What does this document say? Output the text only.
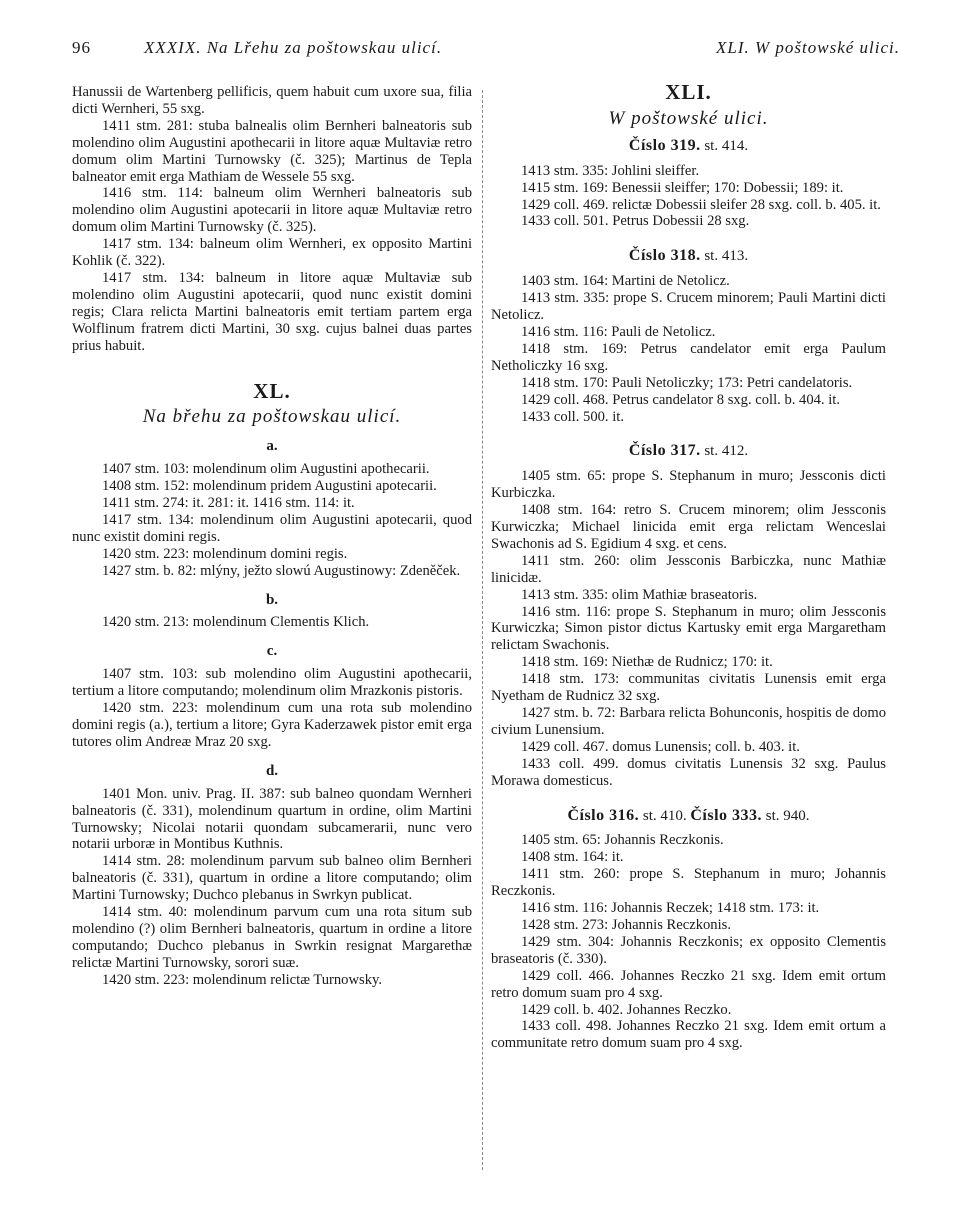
96	XXXIX. Na Lřehu za poštowskau ulicí.	XLI. W poštowské ulici.

Hanussii de Wartenberg pellificis, quem habuit cum uxore sua, filia dicti Wernheri, 55 sxg.

1411 stm. 281: stuba balnealis olim Bernheri balneatoris sub molendino olim Augustini apothecarii in litore aquæ Multaviæ retro domum olim Martini Turnowsky (č. 325); Martinus de Tepla balneator emit erga Mathiam de Wessele 55 sxg.

1416 stm. 114: balneum olim Wernheri balneatoris sub molendino olim Augustini apotecarii in litore aquæ Multaviæ retro domum olim Martini Turnowsky (č. 325).

1417 stm. 134: balneum olim Wernheri, ex opposito Martini Kohlik (č. 322).

1417 stm. 134: balneum in litore aquæ Multaviæ sub molendino olim Augustini apotecarii, quod nunc existit domini regis; Clara relicta Martini balneatoris emit tertiam partem erga Wolflinum fratrem dicti Martini, 30 sxg. cujus balnei duas partes prius habuit.

XL.

Na břehu za poštowskau ulicí.

a.

1407 stm. 103: molendinum olim Augustini apothecarii.

1408 stm. 152: molendinum pridem Augustini apotecarii.

1411 stm. 274: it. 281: it. 1416 stm. 114: it.

1417 stm. 134: molendinum olim Augustini apotecarii, quod nunc existit domini regis.

1420 stm. 223: molendinum domini regis.

1427 stm. b. 82: mlýny, ježto slowú Augustinowy: Zdeněček.

b.

1420 stm. 213: molendinum Clementis Klich.

c.

1407 stm. 103: sub molendino olim Augustini apothecarii, tertium a litore computando; molendinum olim Mrazkonis pistoris.

1420 stm. 223: molendinum cum una rota sub molendino domini regis (a.), tertium a litore; Gyra Kaderzawek pistor emit erga tutores olim Andreæ Mraz 20 sxg.

d.

1401 Mon. univ. Prag. II. 387: sub balneo quondam Wernheri balneatoris (č. 331), molendinum quartum in ordine, olim Martini Turnowsky; Nicolai notarii quondam subcamerarii, nunc vero notarii urboræ in Montibus Kuthnis.

1414 stm. 28: molendinum parvum sub balneo olim Bernheri balneatoris (č. 331), quartum in ordine a litore computando; olim Martini Turnowsky; Duchco plebanus in Swrkyn publicat.

1414 stm. 40: molendinum parvum cum una rota situm sub molendino (?) olim Bernheri balneatoris, quartum in ordine a litore computando; Duchco plebanus in Swrkin resignat Margarethæ relictæ Martini Turnowsky, sorori suæ.

1420 stm. 223: molendinum relictæ Turnowsky.

XLI.

W poštowské ulici.

Číslo 319. st. 414.

1413 stm. 335: Johlini sleiffer.

1415 stm. 169: Benessii sleiffer; 170: Dobessii; 189: it.

1429 coll. 469. relictæ Dobessii sleifer 28 sxg. coll. b. 405. it.

1433 coll. 501. Petrus Dobessii 28 sxg.

Číslo 318. st. 413.

1403 stm. 164: Martini de Netolicz.

1413 stm. 335: prope S. Crucem minorem; Pauli Martini dicti Netolicz.

1416 stm. 116: Pauli de Netolicz.

1418 stm. 169: Petrus candelator emit erga Paulum Netholiczky 16 sxg.

1418 stm. 170: Pauli Netoliczky; 173: Petri candelatoris.

1429 coll. 468. Petrus candelator 8 sxg. coll. b. 404. it.

1433 coll. 500. it.

Číslo 317. st. 412.

1405 stm. 65: prope S. Stephanum in muro; Jessconis dicti Kurbiczka.

1408 stm. 164: retro S. Crucem minorem; olim Jessconis Kurwiczka; Michael linicida emit erga relictam Wenceslai Swachonis ad S. Egidium 4 sxg. et cens.

1411 stm. 260: olim Jessconis Barbiczka, nunc Mathiæ linicidæ.

1413 stm. 335: olim Mathiæ braseatoris.

1416 stm. 116: prope S. Stephanum in muro; olim Jessconis Kurwiczka; Simon pistor dictus Kartusky emit erga Margaretham relictam Swachonis.

1418 stm. 169: Niethæ de Rudnicz; 170: it.

1418 stm. 173: communitas civitatis Lunensis emit erga Nyetham de Rudnicz 32 sxg.

1427 stm. b. 72: Barbara relicta Bohunconis, hospitis de domo civium Lunensium.

1429 coll. 467. domus Lunensis; coll. b. 403. it.

1433 coll. 499. domus civitatis Lunensis 32 sxg. Paulus Morawa domesticus.

Číslo 316. st. 410. Číslo 333. st. 940.

1405 stm. 65: Johannis Reczkonis.

1408 stm. 164: it.

1411 stm. 260: prope S. Stephanum in muro; Johannis Reczkonis.

1416 stm. 116: Johannis Reczek; 1418 stm. 173: it.

1428 stm. 273: Johannis Reczkonis.

1429 stm. 304: Johannis Reczkonis; ex opposito Clementis braseatoris (č. 330).

1429 coll. 466. Johannes Reczko 21 sxg. Idem emit ortum retro domum suam pro 4 sxg.

1429 coll. b. 402. Johannes Reczko.

1433 coll. 498. Johannes Reczko 21 sxg. Idem emit ortum a communitate retro domum suam pro 4 sxg.
